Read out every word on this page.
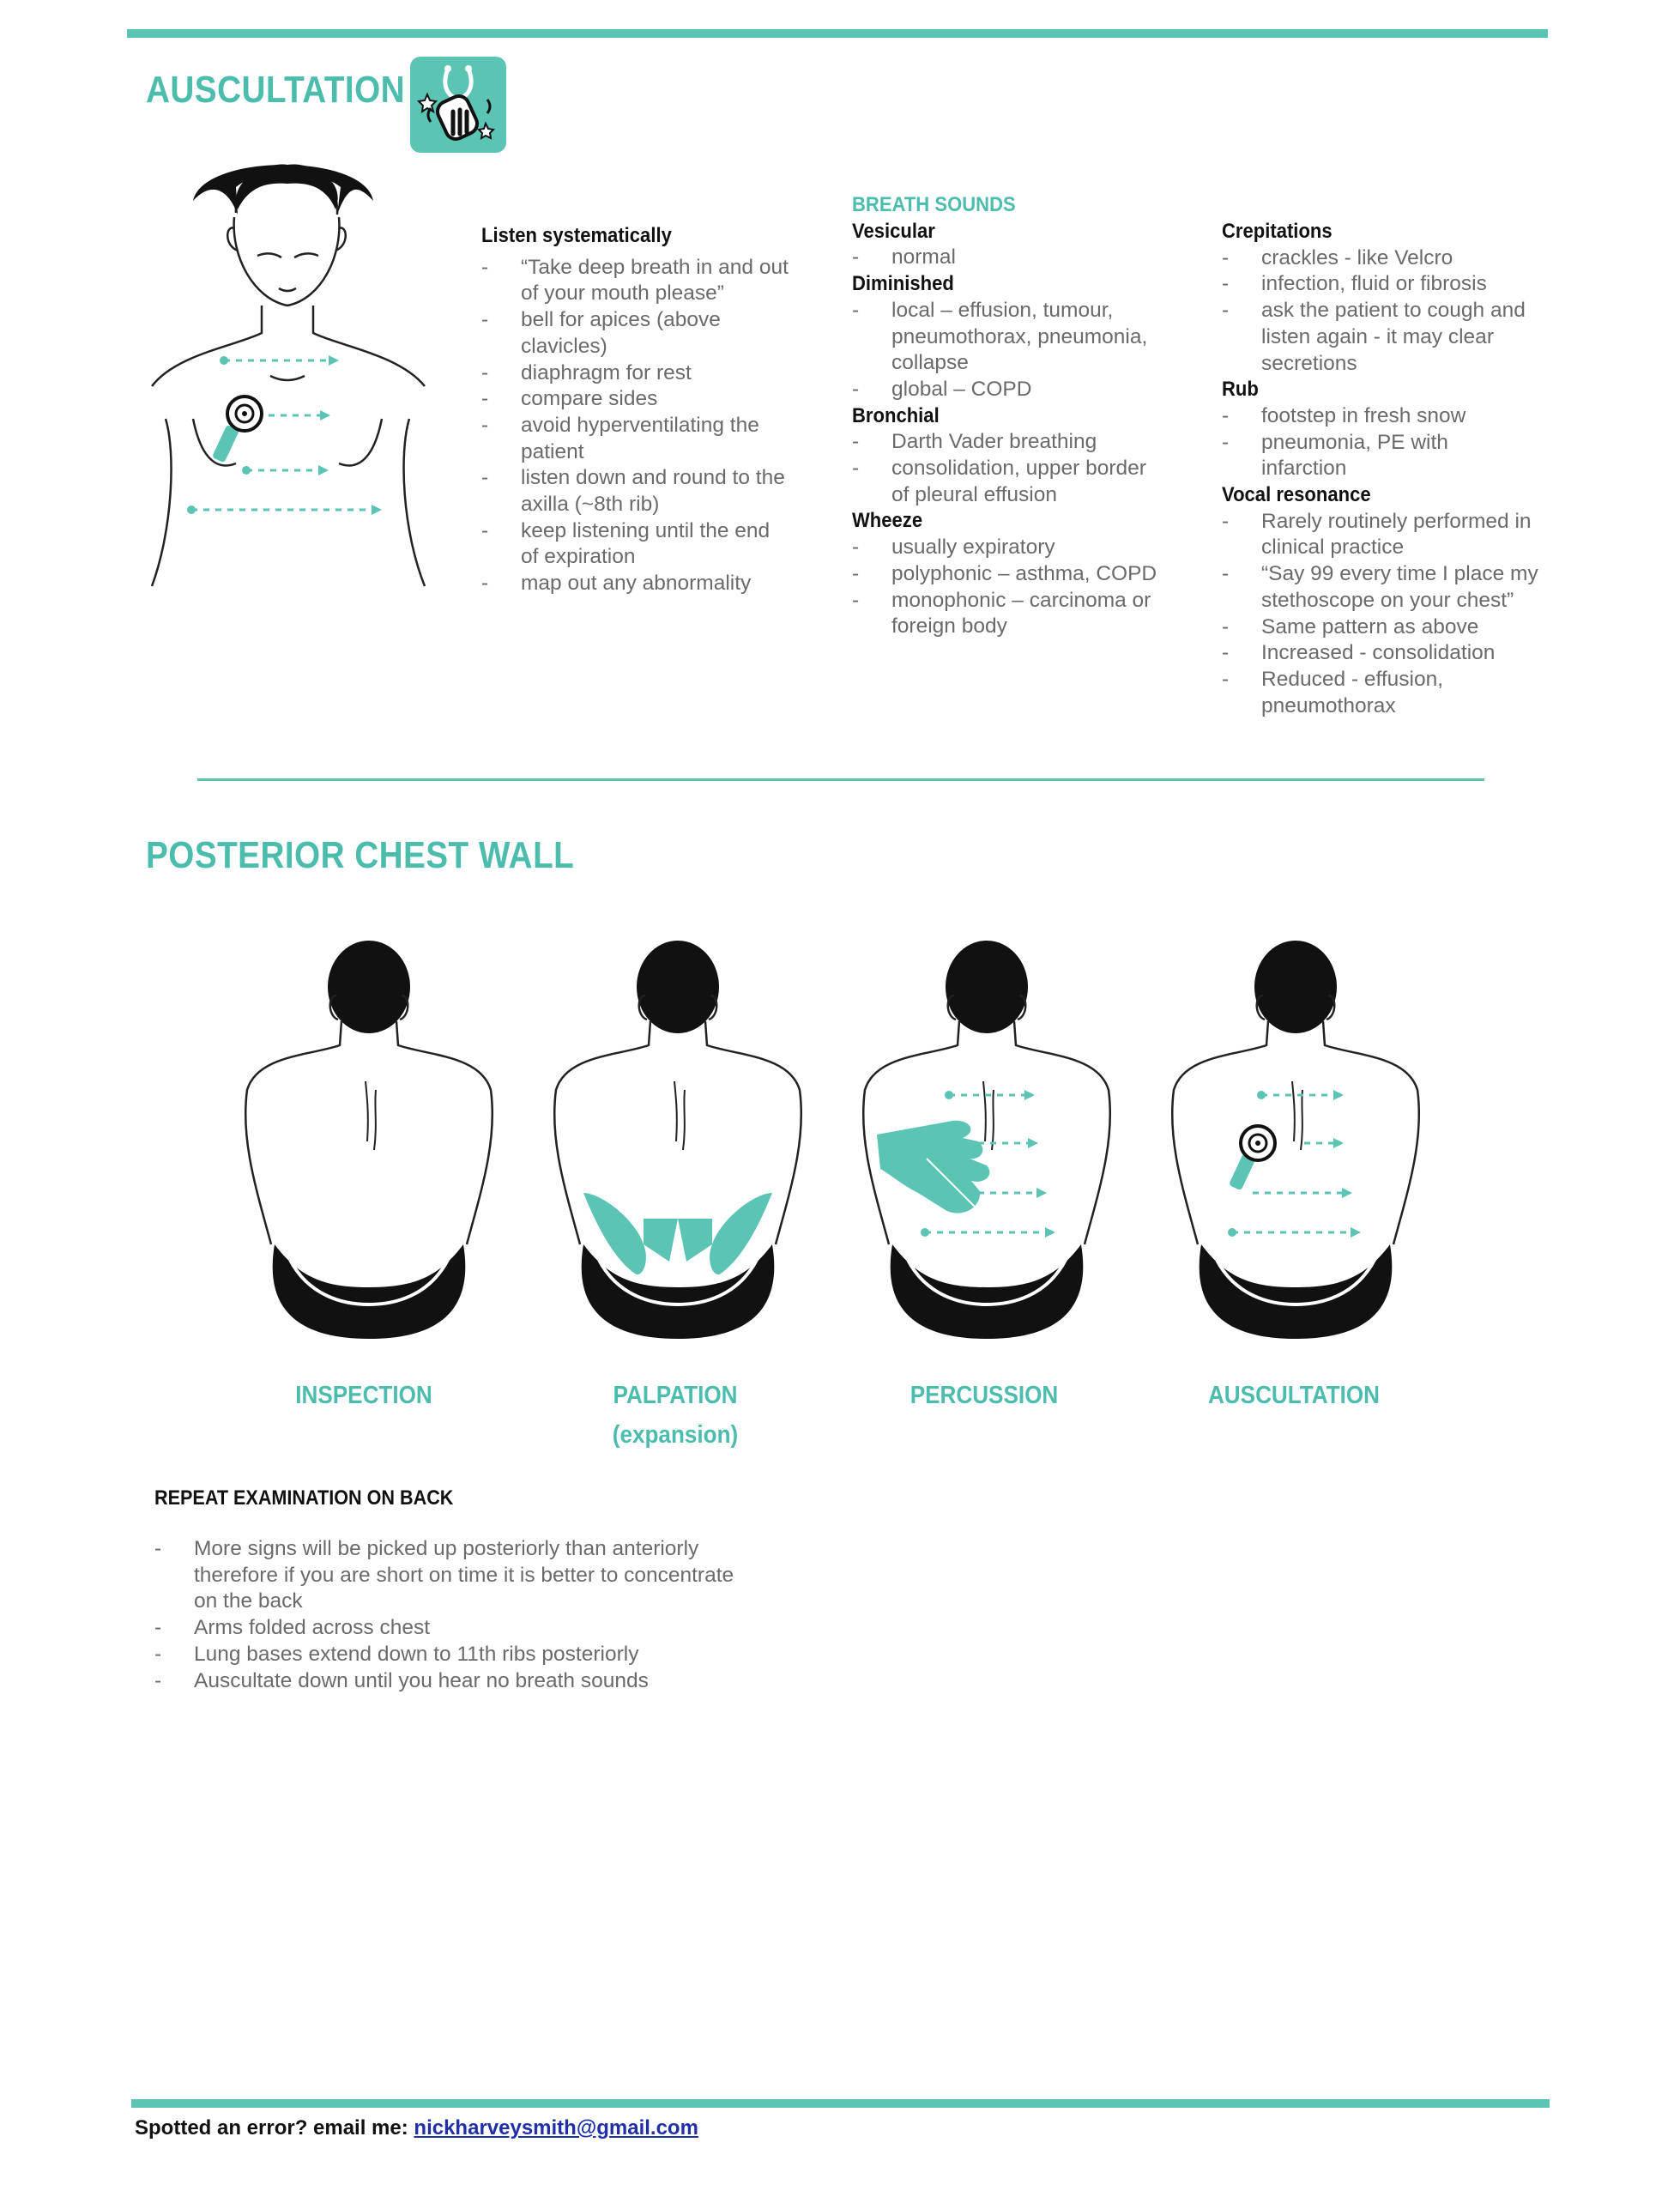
AUSCULTATION
Listen systematically
- “Take deep breath in and out of your mouth please”
- bell for apices (above clavicles)
- diaphragm for rest
- compare sides
- avoid hyperventilating the patient
- listen down and round to the axilla (~8th rib)
- keep listening until the end of expiration
- map out any abnormality
BREATH SOUNDS
Vesicular
- normal
Diminished
- local – effusion, tumour, pneumothorax, pneumonia, collapse
- global – COPD
Bronchial
- Darth Vader breathing
- consolidation, upper border of pleural effusion
Wheeze
- usually expiratory
- polyphonic – asthma, COPD
- monophonic – carcinoma or foreign body
Crepitations
- crackles - like Velcro
- infection, fluid or fibrosis
- ask the patient to cough and listen again - it may clear secretions
Rub
- footstep in fresh snow
- pneumonia, PE with infarction
Vocal resonance
- Rarely routinely performed in clinical practice
- “Say 99 every time I place my stethoscope on your chest”
- Same pattern as above
- Increased - consolidation
- Reduced - effusion, pneumothorax
POSTERIOR CHEST WALL
INSPECTION	PALPATION
(expansion)
PERCUSSION	AUSCULTATION
REPEAT EXAMINATION ON BACK
- More signs will be picked up posteriorly than anteriorly therefore if you are short on time it is better to concentrate on the back
- Arms folded across chest
- Lung bases extend down to 11th ribs posteriorly
- Auscultate down until you hear no breath sounds
Spotted an error? email me: nickharveysmith@gmail.com
